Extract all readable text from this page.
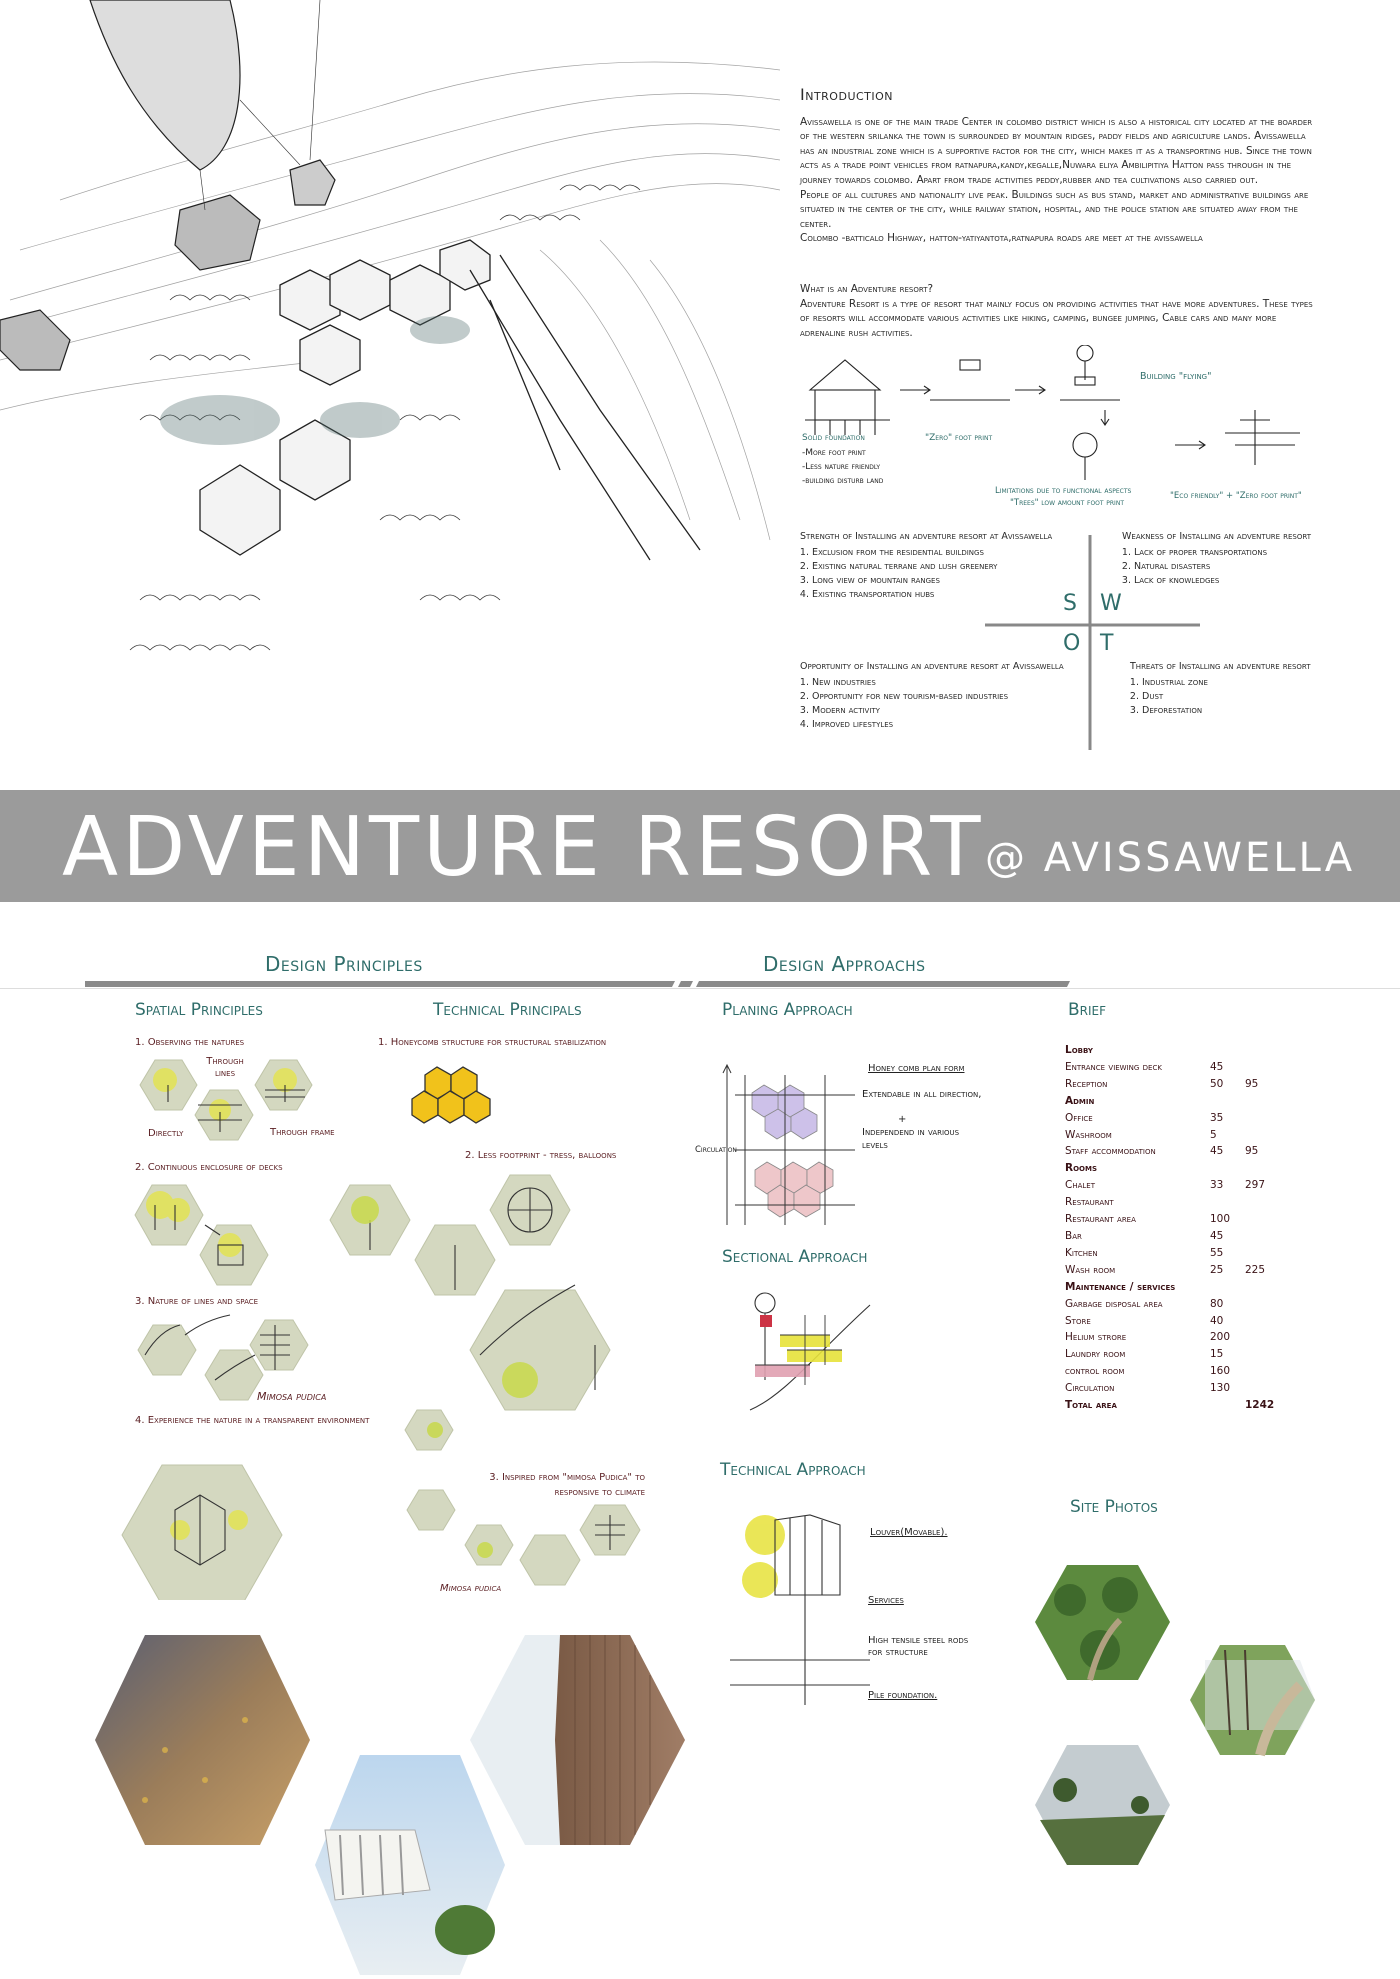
Introduction

Avissawella is one of the main trade Center in colombo district which is also a historical city located at the boarder of the western srilanka the town is surrounded by mountain ridges, paddy fields and agriculture lands. Avissawella has an industrial zone which is a supportive factor for the city, which makes it as a transporting hub. Since the town acts as a trade point vehicles from ratnapura,kandy,kegalle,Nuwara eliya Ambilipitiya Hatton pass through in the journey towards colombo. Apart from trade activities peddy,rubber and tea cultivations also carried out.

People of all cultures and nationality live peak. Buildings such as bus stand, market and administrative buildings are situated in the center of the city, while railway station, hospital, and the police station are situated away from the center.

Colombo -batticalo Highway, hatton-yatiyantota,ratnapura roads are meet at the avissawella

What is an Adventure resort?

Adventure Resort is a type of resort that mainly focus on providing activities that have more adventures. These types of resorts will accommodate various activities like hiking, camping, bungee jumping, Cable cars and many more adrenaline rush activities.

Building "flying"
Solid foundation	"Zero" foot print
-More foot print
-Less nature friendly
-building disturb land
Limitations due to functional aspects
"Trees" low amount foot print
"Eco friendly" + "Zero foot print"
Strength of Installing an adventure resort at Avissawella
1. Exclusion from the residential buildings
2. Existing natural terrane and lush greenery
3. Long view of mountain ranges
4. Existing transportation hubs
Weakness of Installing an adventure resort
1. Lack of proper transportations
2. Natural disasters
3. Lack of knowledges
Opportunity of Installing an adventure resort at Avissawella
1. New industries
2. Opportunity for new tourism-based industries
3. Modern activity
4. Improved lifestyles
Threats of Installing an adventure resort
1. Industrial zone
2. Dust
3. Deforestation
S W
O T
ADVENTURE RESORT @ AVISSAWELLA
Design Principles	Design Approachs
Spatial Principles	Technical Principals	Planing Approach	Brief
Sectional Approach
Technical Approach
Site Photos
1. Observing the natures
Through lines
Directly	Through frame
2. Continuous enclosure of decks
3. Nature of lines and space
Mimosa pudica
4. Experience the nature in a transparent environment
1. Honeycomb structure for structural stabilization
2. Less footprint - tress, balloons
3. Inspired from "mimosa Pudica" to responsive to climate
Mimosa pudica
Honey comb plan form
Extendable in all direction,
+
Independend in various levels
Circulation
Lobby
Entrance viewing deck	45
Reception	50	95
Admin
Office	35
Washroom	5
Staff accommodation	45	95
Rooms
Chalet	33	297
Restaurant
Restaurant area	100
Bar	45
Kitchen	55
Wash room	25	225
Maintenance / services
Garbage disposal area	80
Store	40
Helium strore	200
Laundry room	15
control room	160
Circulation	130
Total area	1242
Louver(Movable).
Services
High tensile steel rods for structure
Pile foundation.
